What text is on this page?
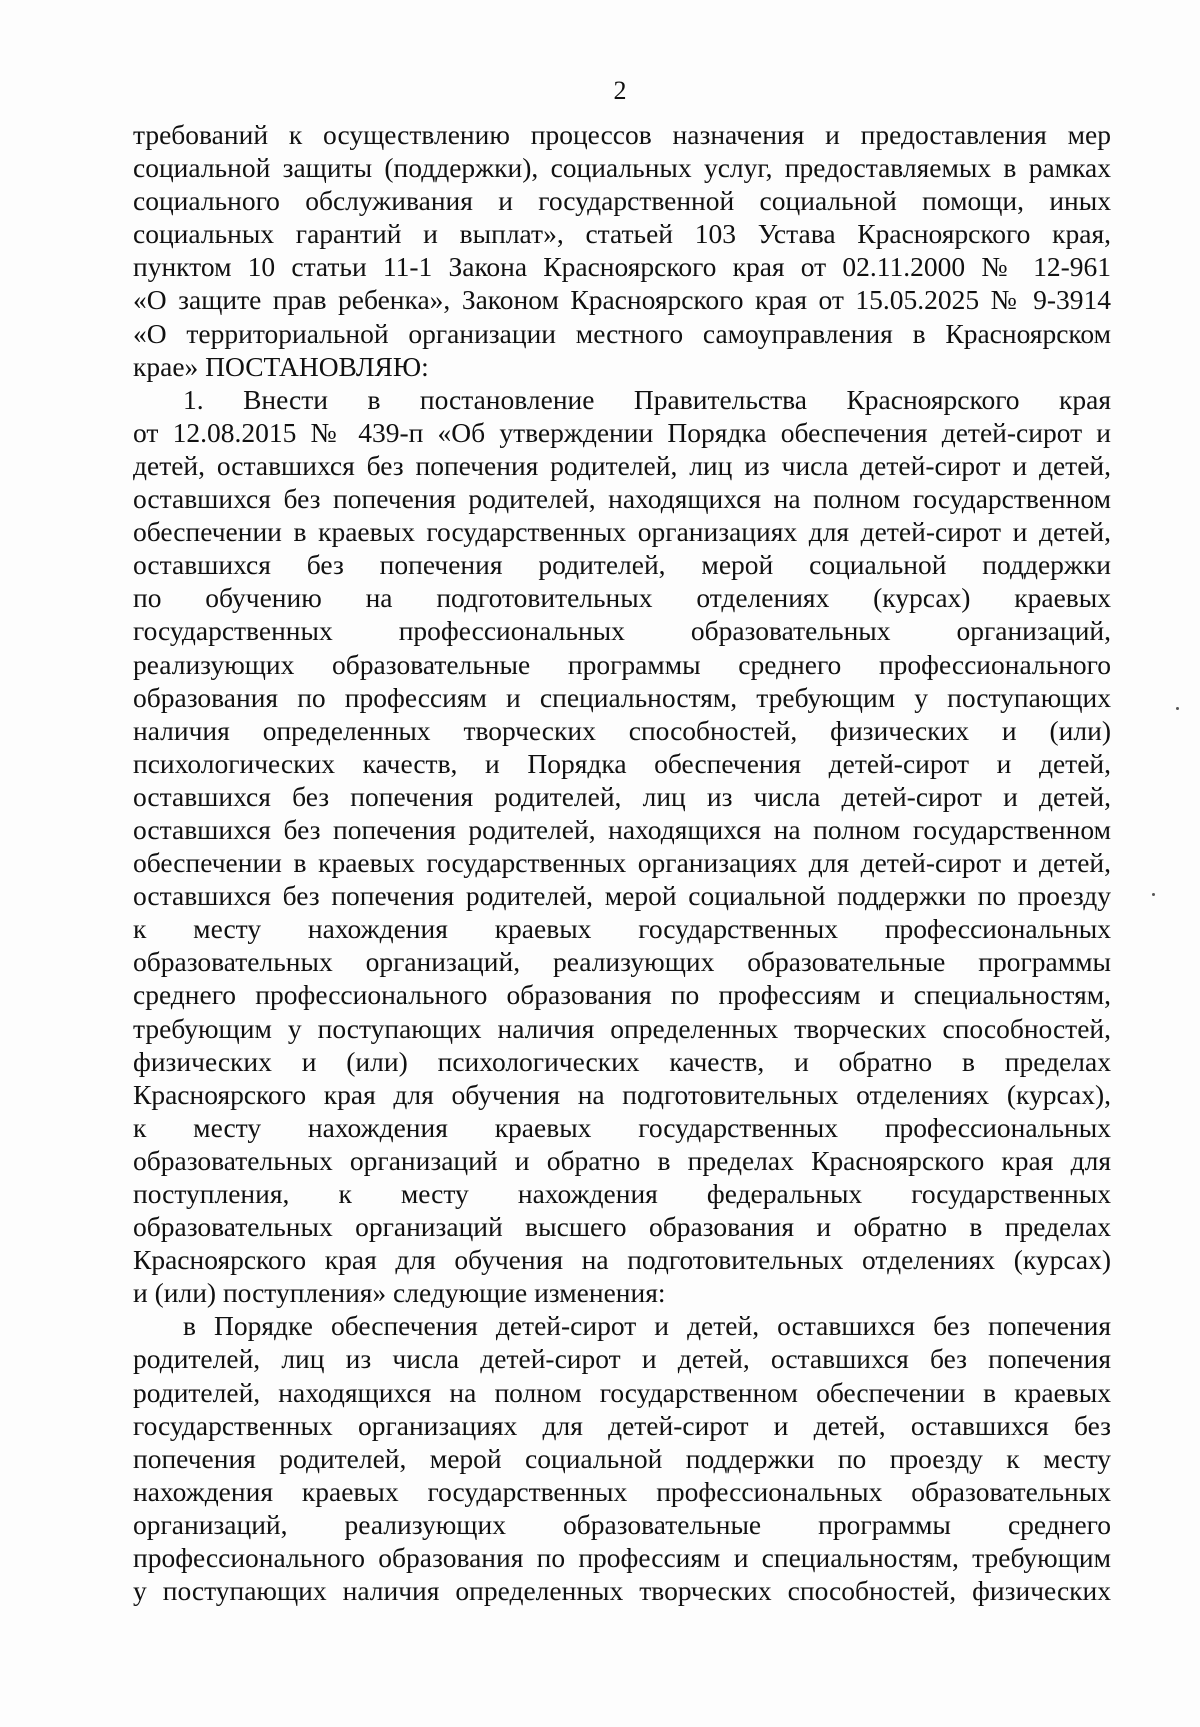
2
требований к осуществлению процессов назначения и предоставления мер
социальной защиты (поддержки), социальных услуг, предоставляемых в рамках
социального обслуживания и государственной социальной помощи, иных
социальных гарантий и выплат», статьей 103 Устава Красноярского края,
пунктом 10 статьи 11-1 Закона Красноярского края от 02.11.2000 № 12-961
«О защите прав ребенка», Законом Красноярского края от 15.05.2025 № 9-3914
«О территориальной организации местного самоуправления в Красноярском
крае» ПОСТАНОВЛЯЮ:
1. Внести в постановление Правительства Красноярского края
от 12.08.2015 № 439-п «Об утверждении Порядка обеспечения детей-сирот и
детей, оставшихся без попечения родителей, лиц из числа детей-сирот и детей,
оставшихся без попечения родителей, находящихся на полном государственном
обеспечении в краевых государственных организациях для детей-сирот и детей,
оставшихся без попечения родителей, мерой социальной поддержки
по обучению на подготовительных отделениях (курсах) краевых
государственных профессиональных образовательных организаций,
реализующих образовательные программы среднего профессионального
образования по профессиям и специальностям, требующим у поступающих
наличия определенных творческих способностей, физических и (или)
психологических качеств, и Порядка обеспечения детей-сирот и детей,
оставшихся без попечения родителей, лиц из числа детей-сирот и детей,
оставшихся без попечения родителей, находящихся на полном государственном
обеспечении в краевых государственных организациях для детей-сирот и детей,
оставшихся без попечения родителей, мерой социальной поддержки по проезду
к месту нахождения краевых государственных профессиональных
образовательных организаций, реализующих образовательные программы
среднего профессионального образования по профессиям и специальностям,
требующим у поступающих наличия определенных творческих способностей,
физических и (или) психологических качеств, и обратно в пределах
Красноярского края для обучения на подготовительных отделениях (курсах),
к месту нахождения краевых государственных профессиональных
образовательных организаций и обратно в пределах Красноярского края для
поступления, к месту нахождения федеральных государственных
образовательных организаций высшего образования и обратно в пределах
Красноярского края для обучения на подготовительных отделениях (курсах)
и (или) поступления» следующие изменения:
в Порядке обеспечения детей-сирот и детей, оставшихся без попечения
родителей, лиц из числа детей-сирот и детей, оставшихся без попечения
родителей, находящихся на полном государственном обеспечении в краевых
государственных организациях для детей-сирот и детей, оставшихся без
попечения родителей, мерой социальной поддержки по проезду к месту
нахождения краевых государственных профессиональных образовательных
организаций, реализующих образовательные программы среднего
профессионального образования по профессиям и специальностям, требующим
у поступающих наличия определенных творческих способностей, физических
